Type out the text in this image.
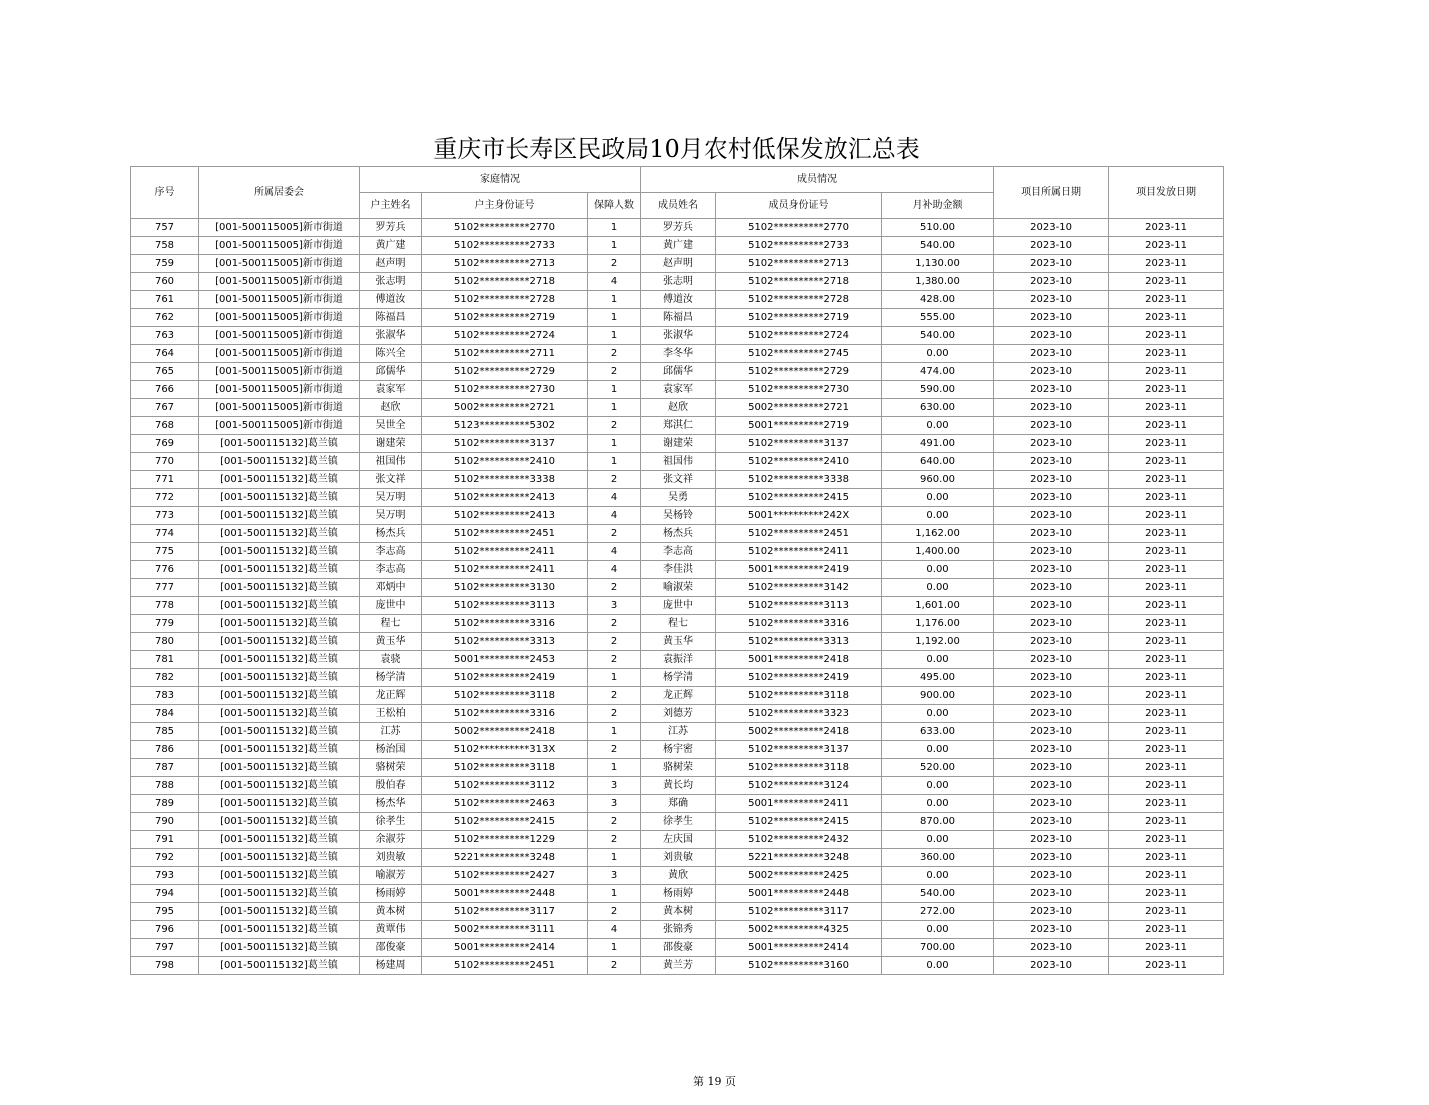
重庆市长寿区民政局10月农村低保发放汇总表
序号	所属居委会	家庭情况			成员情况			项目所属日期	项目发放日期
		户主姓名	户主身份证号	保障人数	成员姓名	成员身份证号	月补助金额		
757	[001-500115005]新市街道	罗芳兵	5102**********2770	1	罗芳兵	5102**********2770	510.00	2023-10	2023-11
758	[001-500115005]新市街道	黄广建	5102**********2733	1	黄广建	5102**********2733	540.00	2023-10	2023-11
759	[001-500115005]新市街道	赵声明	5102**********2713	2	赵声明	5102**********2713	1,130.00	2023-10	2023-11
760	[001-500115005]新市街道	张志明	5102**********2718	4	张志明	5102**********2718	1,380.00	2023-10	2023-11
761	[001-500115005]新市街道	傅道汝	5102**********2728	1	傅道汝	5102**********2728	428.00	2023-10	2023-11
762	[001-500115005]新市街道	陈福昌	5102**********2719	1	陈福昌	5102**********2719	555.00	2023-10	2023-11
763	[001-500115005]新市街道	张淑华	5102**********2724	1	张淑华	5102**********2724	540.00	2023-10	2023-11
764	[001-500115005]新市街道	陈兴全	5102**********2711	2	李冬华	5102**********2745	0.00	2023-10	2023-11
765	[001-500115005]新市街道	邱儒华	5102**********2729	2	邱儒华	5102**********2729	474.00	2023-10	2023-11
766	[001-500115005]新市街道	袁家军	5102**********2730	1	袁家军	5102**********2730	590.00	2023-10	2023-11
767	[001-500115005]新市街道	赵欣	5002**********2721	1	赵欣	5002**********2721	630.00	2023-10	2023-11
768	[001-500115005]新市街道	吴世全	5123**********5302	2	郑淇仁	5001**********2719	0.00	2023-10	2023-11
769	[001-500115132]葛兰镇	谢建荣	5102**********3137	1	谢建荣	5102**********3137	491.00	2023-10	2023-11
770	[001-500115132]葛兰镇	祖国伟	5102**********2410	1	祖国伟	5102**********2410	640.00	2023-10	2023-11
771	[001-500115132]葛兰镇	张文祥	5102**********3338	2	张文祥	5102**********3338	960.00	2023-10	2023-11
772	[001-500115132]葛兰镇	吴万明	5102**********2413	4	吴勇	5102**********2415	0.00	2023-10	2023-11
773	[001-500115132]葛兰镇	吴万明	5102**********2413	4	吴杨铃	5001**********242X	0.00	2023-10	2023-11
774	[001-500115132]葛兰镇	杨杰兵	5102**********2451	2	杨杰兵	5102**********2451	1,162.00	2023-10	2023-11
775	[001-500115132]葛兰镇	李志高	5102**********2411	4	李志高	5102**********2411	1,400.00	2023-10	2023-11
776	[001-500115132]葛兰镇	李志高	5102**********2411	4	李佳洪	5001**********2419	0.00	2023-10	2023-11
777	[001-500115132]葛兰镇	邓炳中	5102**********3130	2	喻淑荣	5102**********3142	0.00	2023-10	2023-11
778	[001-500115132]葛兰镇	庞世中	5102**********3113	3	庞世中	5102**********3113	1,601.00	2023-10	2023-11
779	[001-500115132]葛兰镇	程七	5102**********3316	2	程七	5102**********3316	1,176.00	2023-10	2023-11
780	[001-500115132]葛兰镇	黄玉华	5102**********3313	2	黄玉华	5102**********3313	1,192.00	2023-10	2023-11
781	[001-500115132]葛兰镇	袁骁	5001**********2453	2	袁振洋	5001**********2418	0.00	2023-10	2023-11
782	[001-500115132]葛兰镇	杨学清	5102**********2419	1	杨学清	5102**********2419	495.00	2023-10	2023-11
783	[001-500115132]葛兰镇	龙正辉	5102**********3118	2	龙正辉	5102**********3118	900.00	2023-10	2023-11
784	[001-500115132]葛兰镇	王松柏	5102**********3316	2	刘德芳	5102**********3323	0.00	2023-10	2023-11
785	[001-500115132]葛兰镇	江苏	5002**********2418	1	江苏	5002**********2418	633.00	2023-10	2023-11
786	[001-500115132]葛兰镇	杨治国	5102**********313X	2	杨宇密	5102**********3137	0.00	2023-10	2023-11
787	[001-500115132]葛兰镇	骆树荣	5102**********3118	1	骆树荣	5102**********3118	520.00	2023-10	2023-11
788	[001-500115132]葛兰镇	殷伯春	5102**********3112	3	黄长均	5102**********3124	0.00	2023-10	2023-11
789	[001-500115132]葛兰镇	杨杰华	5102**********2463	3	郑确	5001**********2411	0.00	2023-10	2023-11
790	[001-500115132]葛兰镇	徐孝生	5102**********2415	2	徐孝生	5102**********2415	870.00	2023-10	2023-11
791	[001-500115132]葛兰镇	余淑芬	5102**********1229	2	左庆国	5102**********2432	0.00	2023-10	2023-11
792	[001-500115132]葛兰镇	刘贵敏	5221**********3248	1	刘贵敏	5221**********3248	360.00	2023-10	2023-11
793	[001-500115132]葛兰镇	喻淑芳	5102**********2427	3	黄欣	5002**********2425	0.00	2023-10	2023-11
794	[001-500115132]葛兰镇	杨雨婷	5001**********2448	1	杨雨婷	5001**********2448	540.00	2023-10	2023-11
795	[001-500115132]葛兰镇	黄本树	5102**********3117	2	黄本树	5102**********3117	272.00	2023-10	2023-11
796	[001-500115132]葛兰镇	黄覃伟	5002**********3111	4	张锦秀	5002**********4325	0.00	2023-10	2023-11
797	[001-500115132]葛兰镇	邵俊豪	5001**********2414	1	邵俊豪	5001**********2414	700.00	2023-10	2023-11
798	[001-500115132]葛兰镇	杨建周	5102**********2451	2	黄兰芳	5102**********3160	0.00	2023-10	2023-11
第 19 页
